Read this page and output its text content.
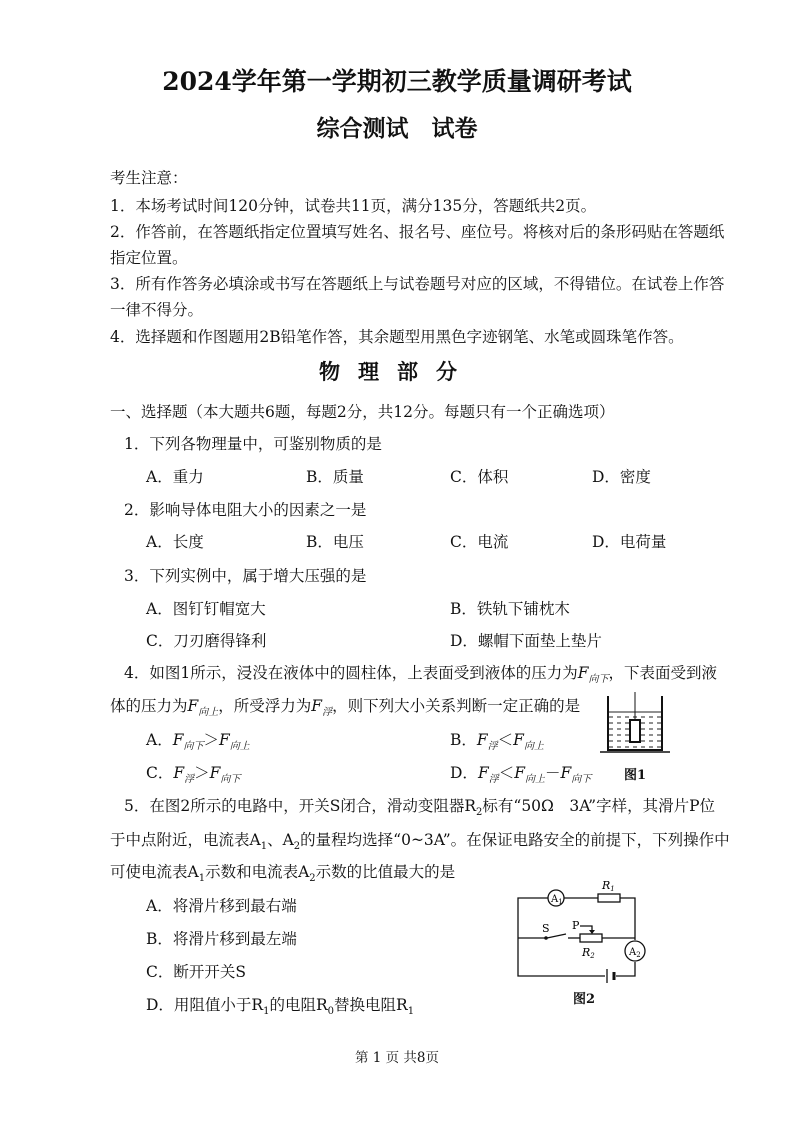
2024学年第一学期初三教学质量调研考试

综合测试　试卷

考生注意：

1．本场考试时间120分钟，试卷共11页，满分135分，答题纸共2页。

2．作答前，在答题纸指定位置填写姓名、报名号、座位号。将核对后的条形码贴在答题纸

指定位置。

3．所有作答务必填涂或书写在答题纸上与试卷题号对应的区域，不得错位。在试卷上作答

一律不得分。

4．选择题和作图题用2B铅笔作答，其余题型用黑色字迹钢笔、水笔或圆珠笔作答。

物理部分

一、选择题（本大题共6题，每题2分，共12分。每题只有一个正确选项）

1．下列各物理量中，可鉴别物质的是

A．重力	B．质量	C．体积	D．密度

2．影响导体电阻大小的因素之一是

A．长度	B．电压	C．电流	D．电荷量

3．下列实例中，属于增大压强的是

A．图钉钉帽宽大	B．铁轨下铺枕木

C．刀刃磨得锋利	D．螺帽下面垫上垫片

4．如图1所示，浸没在液体中的圆柱体，上表面受到液体的压力为$F_{向下}$，下表面受到液

体的压力为$F_{向上}$，所受浮力为$F_浮$，则下列大小关系判断一定正确的是

A．$F_{向下}>F_{向上}$	B．$F_浮<F_{向上}$

C．$F_浮>F_{向下}$	D．$F_浮<F_{向上}-F_{向下}$	图1

5．在图2所示的电路中，开关S闭合，滑动变阻器$R_2$标有“50Ω　3A”字样，其滑片P位

于中点附近，电流表$A_1$、$A_2$的量程均选择“0~3A”。在保证电路安全的前提下，下列操作中

可使电流表$A_1$示数和电流表$A_2$示数的比值最大的是

A．将滑片移到最右端

B．将滑片移到最左端

C．断开开关S

D．用阻值小于$R_1$的电阻$R_0$替换电阻$R_1$

$A_1$
R1
S P
R2	$A_2$

图2

第 1 页 共8页
